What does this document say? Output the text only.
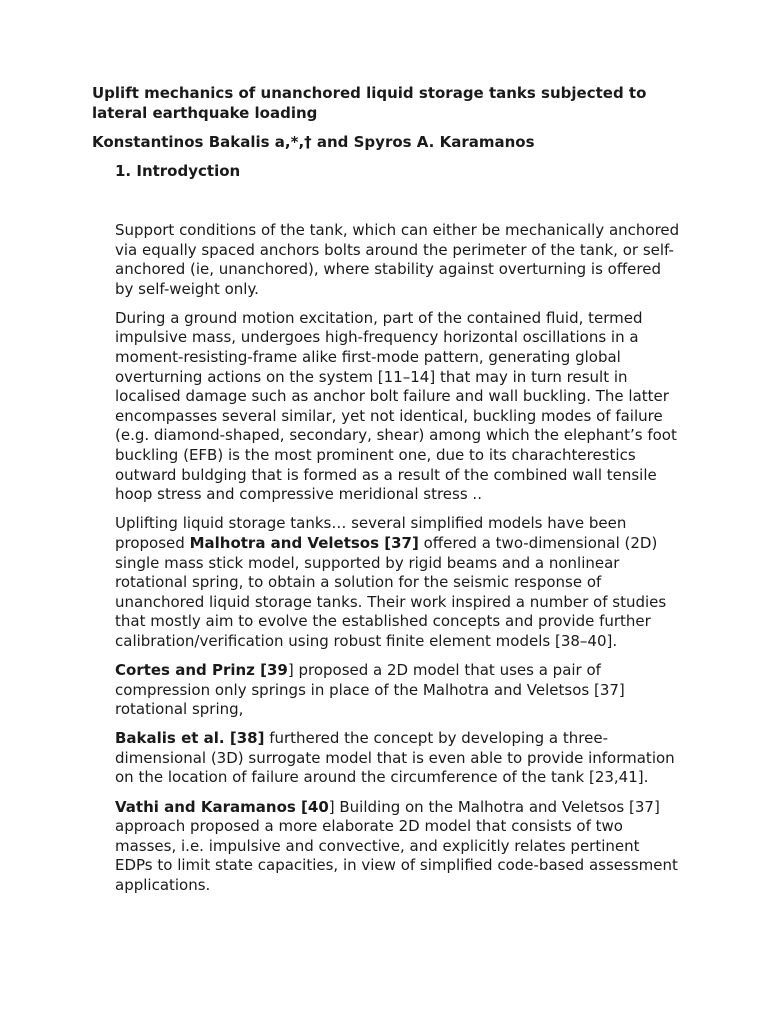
Uplift mechanics of unanchored liquid storage tanks subjected to lateral earthquake loading

Konstantinos Bakalis a,*,† and Spyros A. Karamanos

1. Introdyction

Support conditions of the tank, which can either be mechanically anchored via equally spaced anchors bolts around the perimeter of the tank, or self-anchored (ie, unanchored), where stability against overturning is offered by self-weight only.

During a ground motion excitation, part of the contained fluid, termed impulsive mass, undergoes high-frequency horizontal oscillations in a moment-resisting-frame alike first-mode pattern, generating global overturning actions on the system [11–14] that may in turn result in localised damage such as anchor bolt failure and wall buckling. The latter encompasses several similar, yet not identical, buckling modes of failure (e.g. diamond-shaped, secondary, shear) among which the elephant’s foot buckling (EFB) is the most prominent one, due to its charachterestics outward buldging that is formed as a result of the combined wall tensile hoop stress and compressive meridional stress ..

Uplifting liquid storage tanks… several simplified models have been proposed Malhotra and Veletsos [37] offered a two-dimensional (2D) single mass stick model, supported by rigid beams and a nonlinear rotational spring, to obtain a solution for the seismic response of unanchored liquid storage tanks. Their work inspired a number of studies that mostly aim to evolve the established concepts and provide further calibration/verification using robust finite element models [38–40].

Cortes and Prinz [39] proposed a 2D model that uses a pair of compression only springs in place of the Malhotra and Veletsos [37] rotational spring,

Bakalis et al. [38] furthered the concept by developing a three-dimensional (3D) surrogate model that is even able to provide information on the location of failure around the circumference of the tank [23,41].

Vathi and Karamanos [40] Building on the Malhotra and Veletsos [37] approach proposed a more elaborate 2D model that consists of two masses, i.e. impulsive and convective, and explicitly relates pertinent EDPs to limit state capacities, in view of simplified code-based assessment applications.
